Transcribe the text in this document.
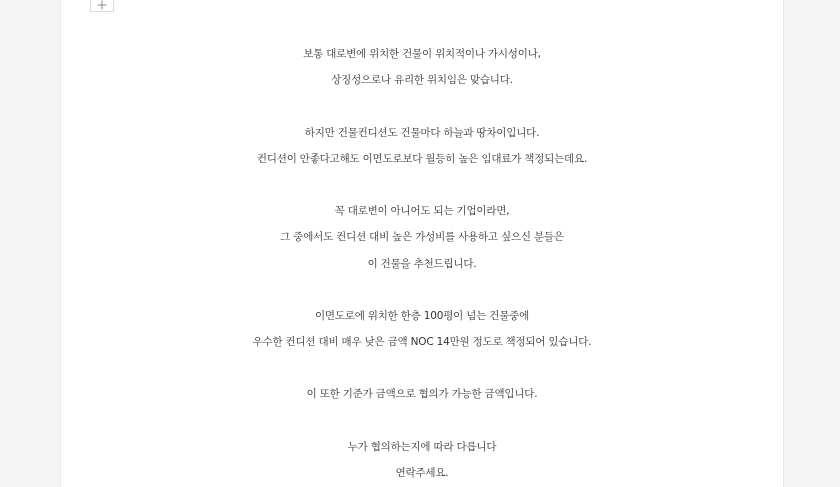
보통 대로변에 위치한 건물이 위치적이나 가시성이나,
상징성으로나 유리한 위치임은 맞습니다.
하지만 건물컨디션도 건물마다 하늘과 땅차이입니다.
컨디션이 안좋다고해도 이면도로보다 월등히 높은 임대료가 책정되는데요.
꼭 대로변이 아니어도 되는 기업이라면,
그 중에서도 컨디션 대비 높은 가성비를 사용하고 싶으신 분들은
이 건물을 추천드립니다.
이면도로에 위치한 한층 100평이 넘는 건물중에
우수한 컨디션 대비 매우 낮은 금액 NOC 14만원 정도로 책정되어 있습니다.
이 또한 기준가 금액으로 협의가 가능한 금액입니다.
누가 협의하는지에 따라 다릅니다
연락주세요.
